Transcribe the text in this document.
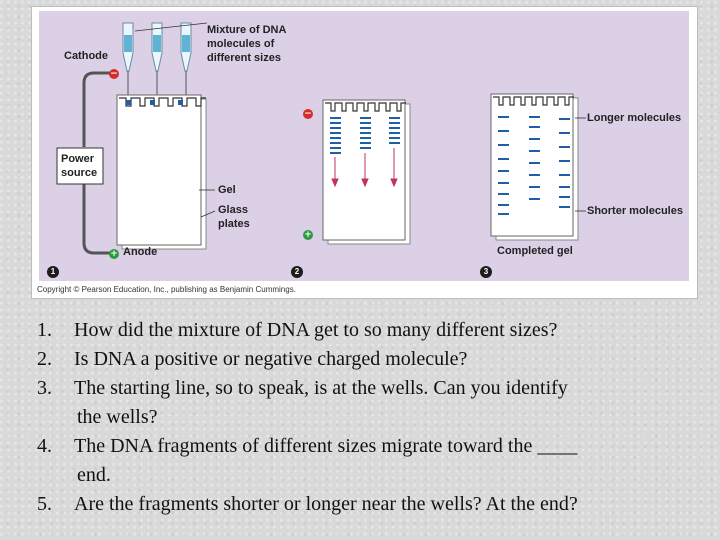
Cathode
Mixture of DNA
molecules of
different sizes
Power
source
Gel
Glass
plates
Anode
Longer molecules
Shorter molecules
Completed gel
−
+
−
+
1	2	3
Copyright © Pearson Education, Inc., publishing as Benjamin Cummings.
1. How did the mixture of DNA get to so many different sizes?
2. Is DNA a positive or negative charged molecule?
3. The starting line, so to speak, is at the wells. Can you identify
the wells?
4. The DNA fragments of different sizes migrate toward the ____
end.
5. Are the fragments shorter or longer near the wells? At the end?
